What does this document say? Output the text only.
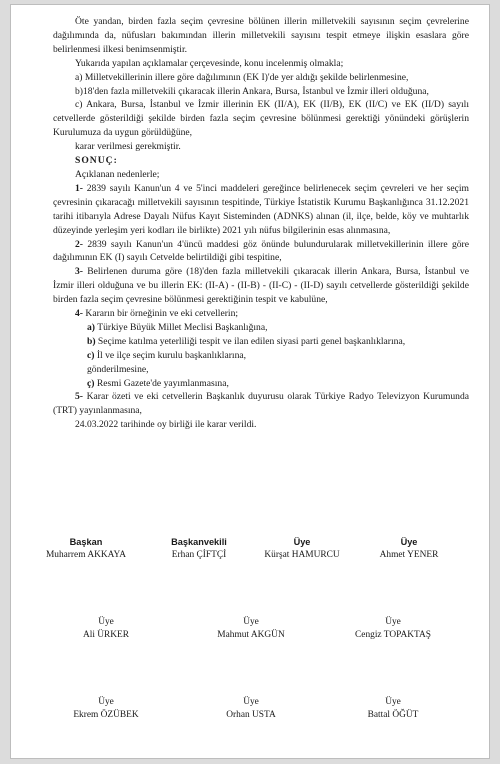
Öte yandan, birden fazla seçim çevresine bölünen illerin milletvekili sayısının seçim çevrelerine dağılımında da, nüfusları bakımından illerin milletvekili sayısını tespit etmeye ilişkin esaslara göre belirlenmesi ilkesi benimsenmiştir.

Yukarıda yapılan açıklamalar çerçevesinde, konu incelenmiş olmakla;

a) Milletvekillerinin illere göre dağılımının (EK I)'de yer aldığı şekilde belirlenmesine,

b)18'den fazla milletvekili çıkaracak illerin Ankara, Bursa, İstanbul ve İzmir illeri olduğuna,

c) Ankara, Bursa, İstanbul ve İzmir illerinin EK (II/A), EK (II/B), EK (II/C) ve EK (II/D) sayılı cetvellerde gösterildiği şekilde birden fazla seçim çevresine bölünmesi gerektiği yönündeki görüşlerin Kurulumuza da uygun görüldüğüne,

karar verilmesi gerekmiştir.

SONUÇ:

Açıklanan nedenlerle;

1- 2839 sayılı Kanun'un 4 ve 5'inci maddeleri gereğince belirlenecek seçim çevreleri ve her seçim çevresinin çıkaracağı milletvekili sayısının tespitinde, Türkiye İstatistik Kurumu Başkanlığınca 31.12.2021 tarihi itibarıyla Adrese Dayalı Nüfus Kayıt Sisteminden (ADNKS) alınan (il, ilçe, belde, köy ve muhtarlık düzeyinde yerleşim yeri kodları ile birlikte) 2021 yılı nüfus bilgilerinin esas alınmasına,

2- 2839 sayılı Kanun'un 4'üncü maddesi göz önünde bulundurularak milletvekillerinin illere göre dağılımının EK (I) sayılı Cetvelde belirtildiği gibi tespitine,

3- Belirlenen duruma göre (18)'den fazla milletvekili çıkaracak illerin Ankara, Bursa, İstanbul ve İzmir illeri olduğuna ve bu illerin EK: (II-A) - (II-B) - (II-C) - (II-D) sayılı cetvellerde gösterildiği şekilde birden fazla seçim çevresine bölünmesi gerektiğinin tespit ve kabulüne,

4- Kararın bir örneğinin ve eki cetvellerin;

a) Türkiye Büyük Millet Meclisi Başkanlığına,

b) Seçime katılma yeterliliği tespit ve ilan edilen siyasi parti genel başkanlıklarına,

c) İl ve ilçe seçim kurulu başkanlıklarına,

gönderilmesine,

ç) Resmi Gazete'de yayımlanmasına,

5- Karar özeti ve eki cetvellerin Başkanlık duyurusu olarak Türkiye Radyo Televizyon Kurumunda (TRT) yayınlanmasına,

24.03.2022 tarihinde oy birliği ile karar verildi.

Başkan
Muharrem AKKAYA
Başkanvekili
Erhan ÇİFTÇİ
Üye
Kürşat HAMURCU
Üye
Ahmet YENER
Üye
Ali ÜRKER
Üye
Mahmut AKGÜN
Üye
Cengiz TOPAKTAŞ
Üye
Ekrem ÖZÜBEK
Üye
Orhan USTA
Üye
Battal ÖĞÜT
